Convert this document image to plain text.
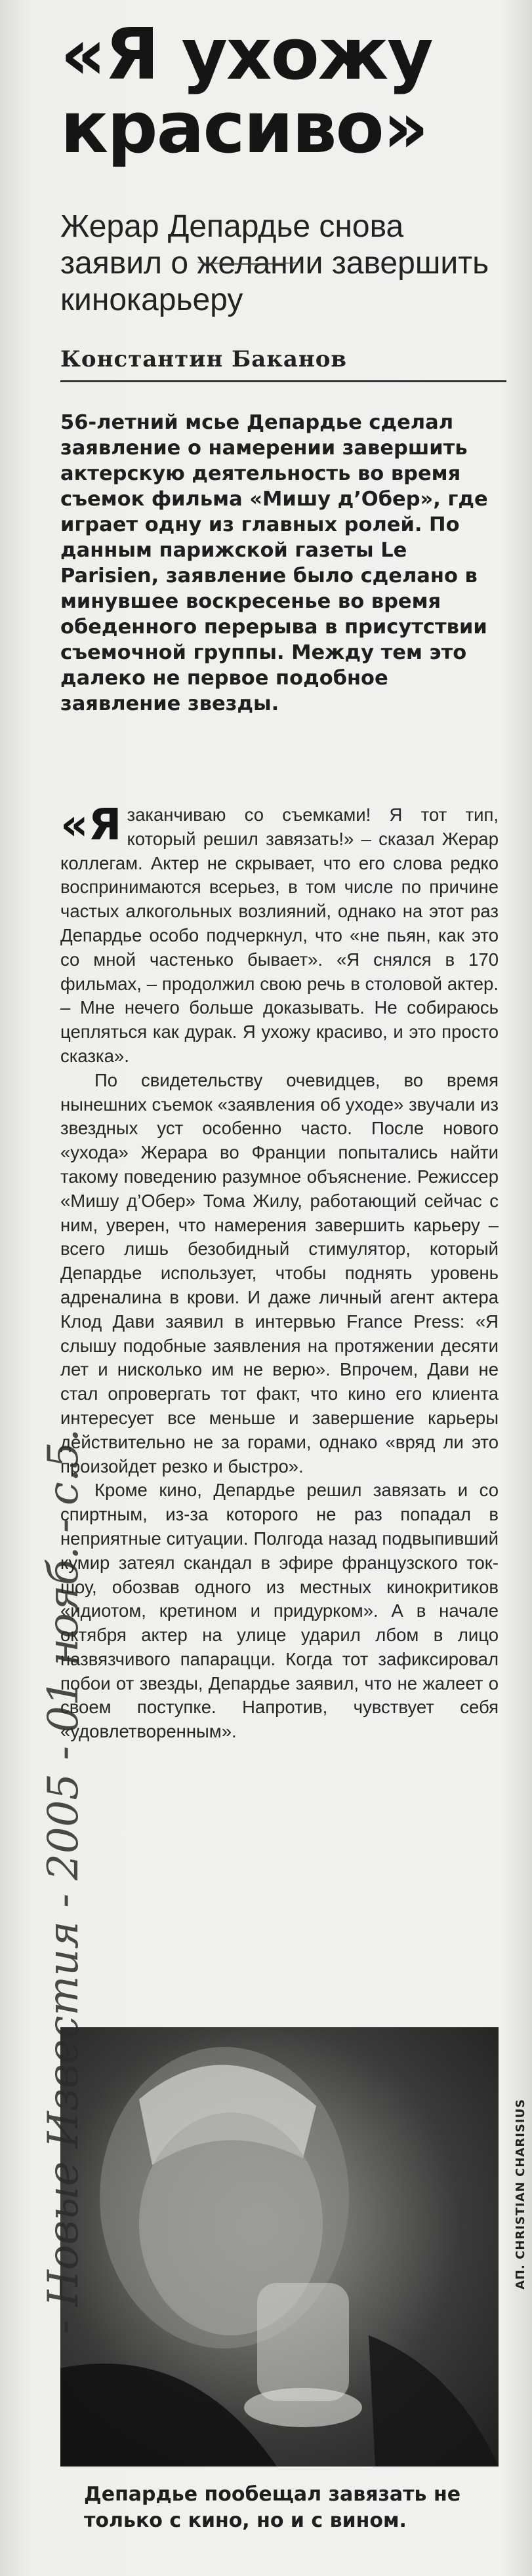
«Я ухожу красиво»
Жерар Депардье снова заявил о желании завершить кинокарьеру
Константин Баканов
56-летний мсье Депардье сделал заявление о намерении завершить актерскую деятельность во время съемок фильма «Мишу д’Обер», где играет одну из главных ролей. По данным парижской газеты Le Parisien, заявление было сделано в минувшее воскресенье во время обеденного перерыва в присутствии съемочной группы. Между тем это далеко не первое подобное заявление звезды.

«Язаканчиваю со съемками! Я тот тип, который решил завязать!» – сказал Жерар коллегам. Актер не скрывает, что его слова редко воспринимаются всерьез, в том числе по причине частых алкогольных возлияний, однако на этот раз Депардье особо подчеркнул, что «не пьян, как это со мной частенько бывает». «Я снялся в 170 фильмах, – продолжил свою речь в столовой актер. – Мне нечего больше доказывать. Не собираюсь цепляться как дурак. Я ухожу красиво, и это просто сказка».

По свидетельству очевидцев, во время нынешних съемок «заявления об уходе» звучали из звездных уст особенно часто. После нового «ухода» Жерара во Франции попытались найти такому поведению разумное объяснение. Режиссер «Мишу д’Обер» Тома Жилу, работающий сейчас с ним, уверен, что намерения завершить карьеру – всего лишь безобидный стимулятор, который Депардье использует, чтобы поднять уровень адреналина в крови. И даже личный агент актера Клод Дави заявил в интервью France Press: «Я слышу подобные заявления на протяжении десяти лет и нисколько им не верю». Впрочем, Дави не стал опровергать тот факт, что кино его клиента интересует все меньше и завершение карьеры действительно не за горами, однако «вряд ли это произойдет резко и быстро».

Кроме кино, Депардье решил завязать и со спиртным, из-за которого не раз попадал в неприятные ситуации. Полгода назад подвыпивший кумир затеял скандал в эфире французского ток-шоу, обозвав одного из местных кинокритиков «идиотом, кретином и придурком». А в начале октября актер на улице ударил лбом в лицо назвязчивого папарацци. Когда тот зафиксировал побои от звезды, Депардье заявил, что не жалеет о своем поступке. Напротив, чувствует себя «удовлетворенным».

AП. CHRISTIAN CHARISIUS
Депардье пообещал завязать не только с кино, но и с вином.
- Новые Известия - 2005 - 01 нояб. - с.5.
